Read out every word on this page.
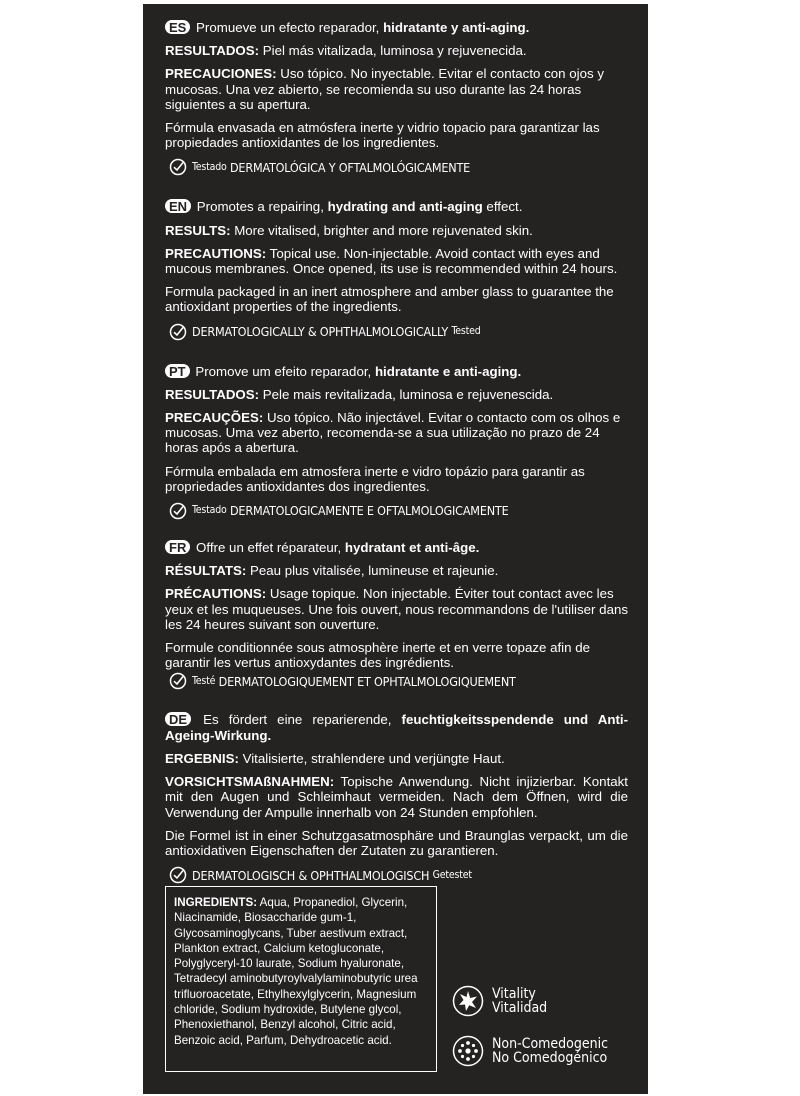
ES Promueve un efecto reparador, hidratante y anti-aging.

RESULTADOS: Piel más vitalizada, luminosa y rejuvenecida.

PRECAUCIONES: Uso tópico. No inyectable. Evitar el contacto con ojos y mucosas. Una vez abierto, se recomienda su uso durante las 24 horas siguientes a su apertura.

Fórmula envasada en atmósfera inerte y vidrio topacio para garantizar las propiedades antioxidantes de los ingredientes.

Testado
DERMATOLÓGICA Y OFTALMOLÓGICAMENTE

EN Promotes a repairing, hydrating and anti-aging effect.

RESULTS: More vitalised, brighter and more rejuvenated skin.

PRECAUTIONS: Topical use. Non-injectable. Avoid contact with eyes and mucous membranes. Once opened, its use is recommended within 24 hours.

Formula packaged in an inert atmosphere and amber glass to guarantee the antioxidant properties of the ingredients.

DERMATOLOGICALLY & OPHTHALMOLOGICALLY
Tested

PT Promove um efeito reparador, hidratante e anti-aging.

RESULTADOS: Pele mais revitalizada, luminosa e rejuvenescida.

PRECAUÇÕES: Uso tópico. Não injectável. Evitar o contacto com os olhos e mucosas. Uma vez aberto, recomenda-se a sua utilização no prazo de 24 horas após a abertura.

Fórmula embalada em atmosfera inerte e vidro topázio para garantir as propriedades antioxidantes dos ingredientes.

Testado
DERMATOLOGICAMENTE E OFTALMOLOGICAMENTE

FR Offre un effet réparateur, hydratant et anti-âge.

RÉSULTATS: Peau plus vitalisée, lumineuse et rajeunie.

PRÉCAUTIONS: Usage topique. Non injectable. Éviter tout contact avec les yeux et les muqueuses. Une fois ouvert, nous recommandons de l'utiliser dans les 24 heures suivant son ouverture.

Formule conditionnée sous atmosphère inerte et en verre topaze afin de garantir les vertus antioxydantes des ingrédients.

Testé
DERMATOLOGIQUEMENT ET OPHTALMOLOGIQUEMENT

DE Es fördert eine reparierende, feuchtigkeitsspendende und Anti-Ageing-Wirkung.

ERGEBNIS: Vitalisierte, strahlendere und verjüngte Haut.

VORSICHTSMAßNAHMEN: Topische Anwendung. Nicht injizierbar. Kontakt mit den Augen und Schleimhaut vermeiden. Nach dem Öffnen, wird die Verwendung der Ampulle innerhalb von 24 Stunden empfohlen.

Die Formel ist in einer Schutzgasatmosphäre und Braunglas verpackt, um die antioxidativen Eigenschaften der Zutaten zu garantieren.

DERMATOLOGISCH & OPHTHALMOLOGISCH
Getestet
INGREDIENTS: Aqua, Propanediol, Glycerin, Niacinamide, Biosaccharide gum-1, Glycosaminoglycans, Tuber aestivum extract, Plankton extract, Calcium ketogluconate, Polyglyceryl-10 laurate, Sodium hyaluronate, Tetradecyl aminobutyroylvalylaminobutyric urea trifluoroacetate, Ethylhexylglycerin, Magnesium chloride, Sodium hydroxide, Butylene glycol, Phenoxiethanol, Benzyl alcohol, Citric acid, Benzoic acid, Parfum, Dehydroacetic acid.
Vitality
Vitalidad
Non-Comedogenic
No Comedogénico
